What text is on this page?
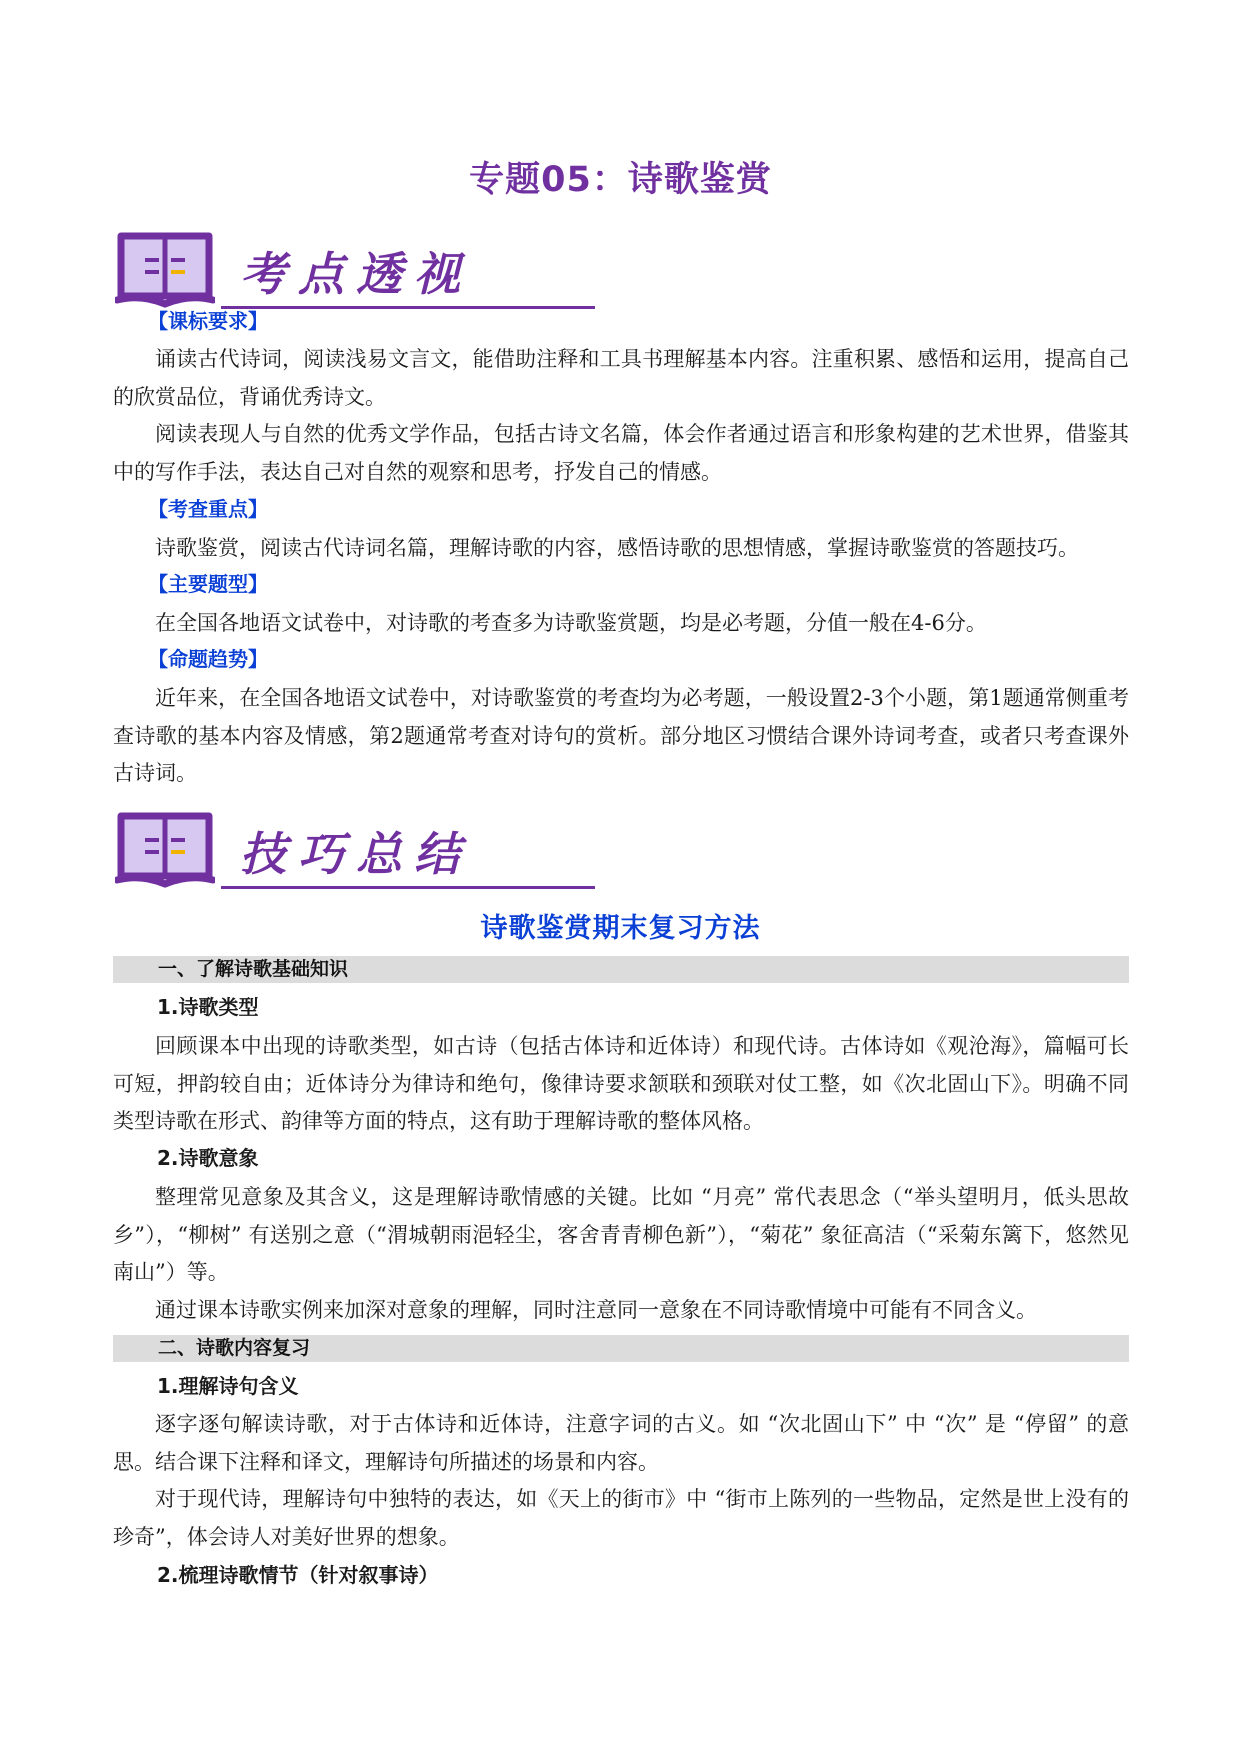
专题05：诗歌鉴赏
考点透视
【课标要求】

诵读古代诗词，阅读浅易文言文，能借助注释和工具书理解基本内容。注重积累、感悟和运用，提高自己的欣赏品位，背诵优秀诗文。

阅读表现人与自然的优秀文学作品，包括古诗文名篇，体会作者通过语言和形象构建的艺术世界，借鉴其中的写作手法，表达自己对自然的观察和思考，抒发自己的情感。

【考查重点】

诗歌鉴赏，阅读古代诗词名篇，理解诗歌的内容，感悟诗歌的思想情感，掌握诗歌鉴赏的答题技巧。

【主要题型】

在全国各地语文试卷中，对诗歌的考查多为诗歌鉴赏题，均是必考题，分值一般在4-6分。

【命题趋势】

近年来，在全国各地语文试卷中，对诗歌鉴赏的考查均为必考题，一般设置2-3个小题，第1题通常侧重考查诗歌的基本内容及情感，第2题通常考查对诗句的赏析。部分地区习惯结合课外诗词考查，或者只考查课外古诗词。

技巧总结
诗歌鉴赏期末复习方法
一、了解诗歌基础知识
1.诗歌类型

回顾课本中出现的诗歌类型，如古诗（包括古体诗和近体诗）和现代诗。古体诗如《观沧海》，篇幅可长可短，押韵较自由；近体诗分为律诗和绝句，像律诗要求颔联和颈联对仗工整，如《次北固山下》。明确不同类型诗歌在形式、韵律等方面的特点，这有助于理解诗歌的整体风格。

2.诗歌意象

整理常见意象及其含义，这是理解诗歌情感的关键。比如 “月亮” 常代表思念（“举头望明月，低头思故乡”），“柳树” 有送别之意（“渭城朝雨浥轻尘，客舍青青柳色新”），“菊花” 象征高洁（“采菊东篱下，悠然见南山”）等。

通过课本诗歌实例来加深对意象的理解，同时注意同一意象在不同诗歌情境中可能有不同含义。

二、诗歌内容复习
1.理解诗句含义

逐字逐句解读诗歌，对于古体诗和近体诗，注意字词的古义。如 “次北固山下” 中 “次” 是 “停留” 的意思。结合课下注释和译文，理解诗句所描述的场景和内容。

对于现代诗，理解诗句中独特的表达，如《天上的街市》中 “街市上陈列的一些物品，定然是世上没有的珍奇”，体会诗人对美好世界的想象。

2.梳理诗歌情节（针对叙事诗）
